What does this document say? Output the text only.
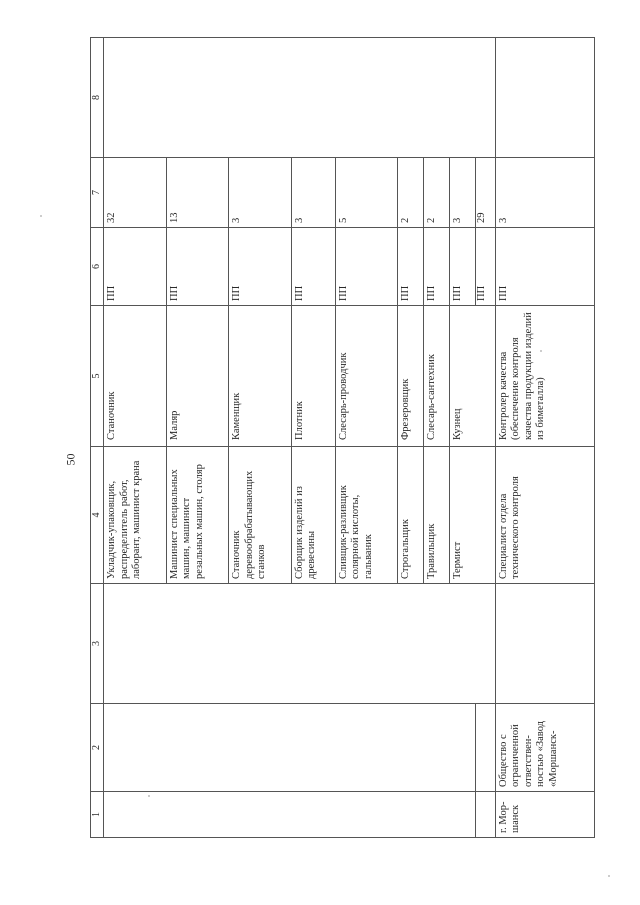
50
1	2	3	4	5	6	7	8
			Укладчик-упаковщик, распределитель работ, лаборант, машинист крана	Станочник	ПП	32	
			Машинист специальных машин, машинист резальных машин, столяр	Маляр	ПП	13	
			Станочник деревообрабатывающих станков	Каменщик	ПП	3	
			Сборщик изделий из древесины	Плотник	ПП	3	
			Сливщик-разливщик солярной кислоты, гальваник	Слесарь-проводчик	ПП	5	
			Строгальщик	Фрезеровщик	ПП	2	
			Травильщик	Слесарь-сантехник	ПП	2	
			Термист	Кузнец	ПП	3	
					ПП	29	
г. Мор-шанск	Общество с ограниченной ответствен-ностью «Завод «Моршанск-		Специалист отдела технического контроля	Контролер качества (обеспечение контроля качества продукции изделий из биметалла)	ПП	3	
